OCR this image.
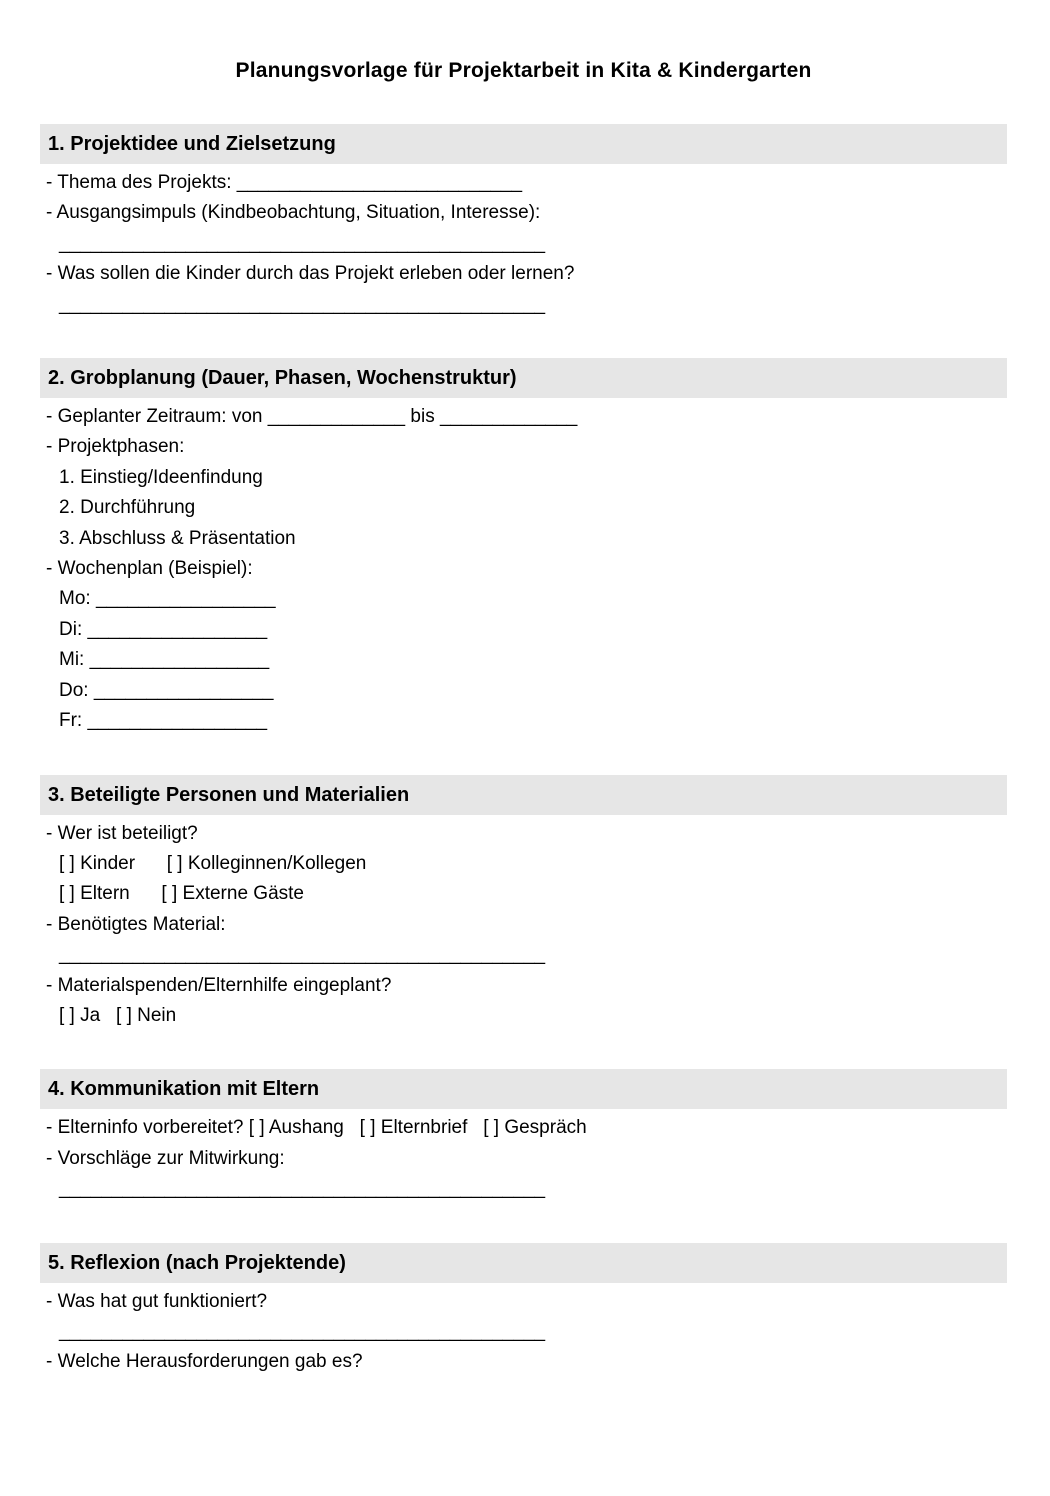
Planungsvorlage für Projektarbeit in Kita & Kindergarten
1. Projektidee und Zielsetzung

- Thema des Projekts: ___________________________

- Ausgangsimpuls (Kindbeobachtung, Situation, Interesse):

______________________________________________

- Was sollen die Kinder durch das Projekt erleben oder lernen?

______________________________________________

2. Grobplanung (Dauer, Phasen, Wochenstruktur)

- Geplanter Zeitraum: von _____________ bis _____________

- Projektphasen:

1. Einstieg/Ideenfindung

2. Durchführung

3. Abschluss & Präsentation

- Wochenplan (Beispiel):

Mo: _________________

Di: _________________

Mi: _________________

Do: _________________

Fr: _________________

3. Beteiligte Personen und Materialien

- Wer ist beteiligt?

[ ] Kinder      [ ] Kolleginnen/Kollegen

[ ] Eltern      [ ] Externe Gäste

- Benötigtes Material:

______________________________________________

- Materialspenden/Elternhilfe eingeplant?

[ ] Ja   [ ] Nein

4. Kommunikation mit Eltern

- Elterninfo vorbereitet? [ ] Aushang   [ ] Elternbrief   [ ] Gespräch

- Vorschläge zur Mitwirkung:

______________________________________________

5. Reflexion (nach Projektende)

- Was hat gut funktioniert?

______________________________________________

- Welche Herausforderungen gab es?
